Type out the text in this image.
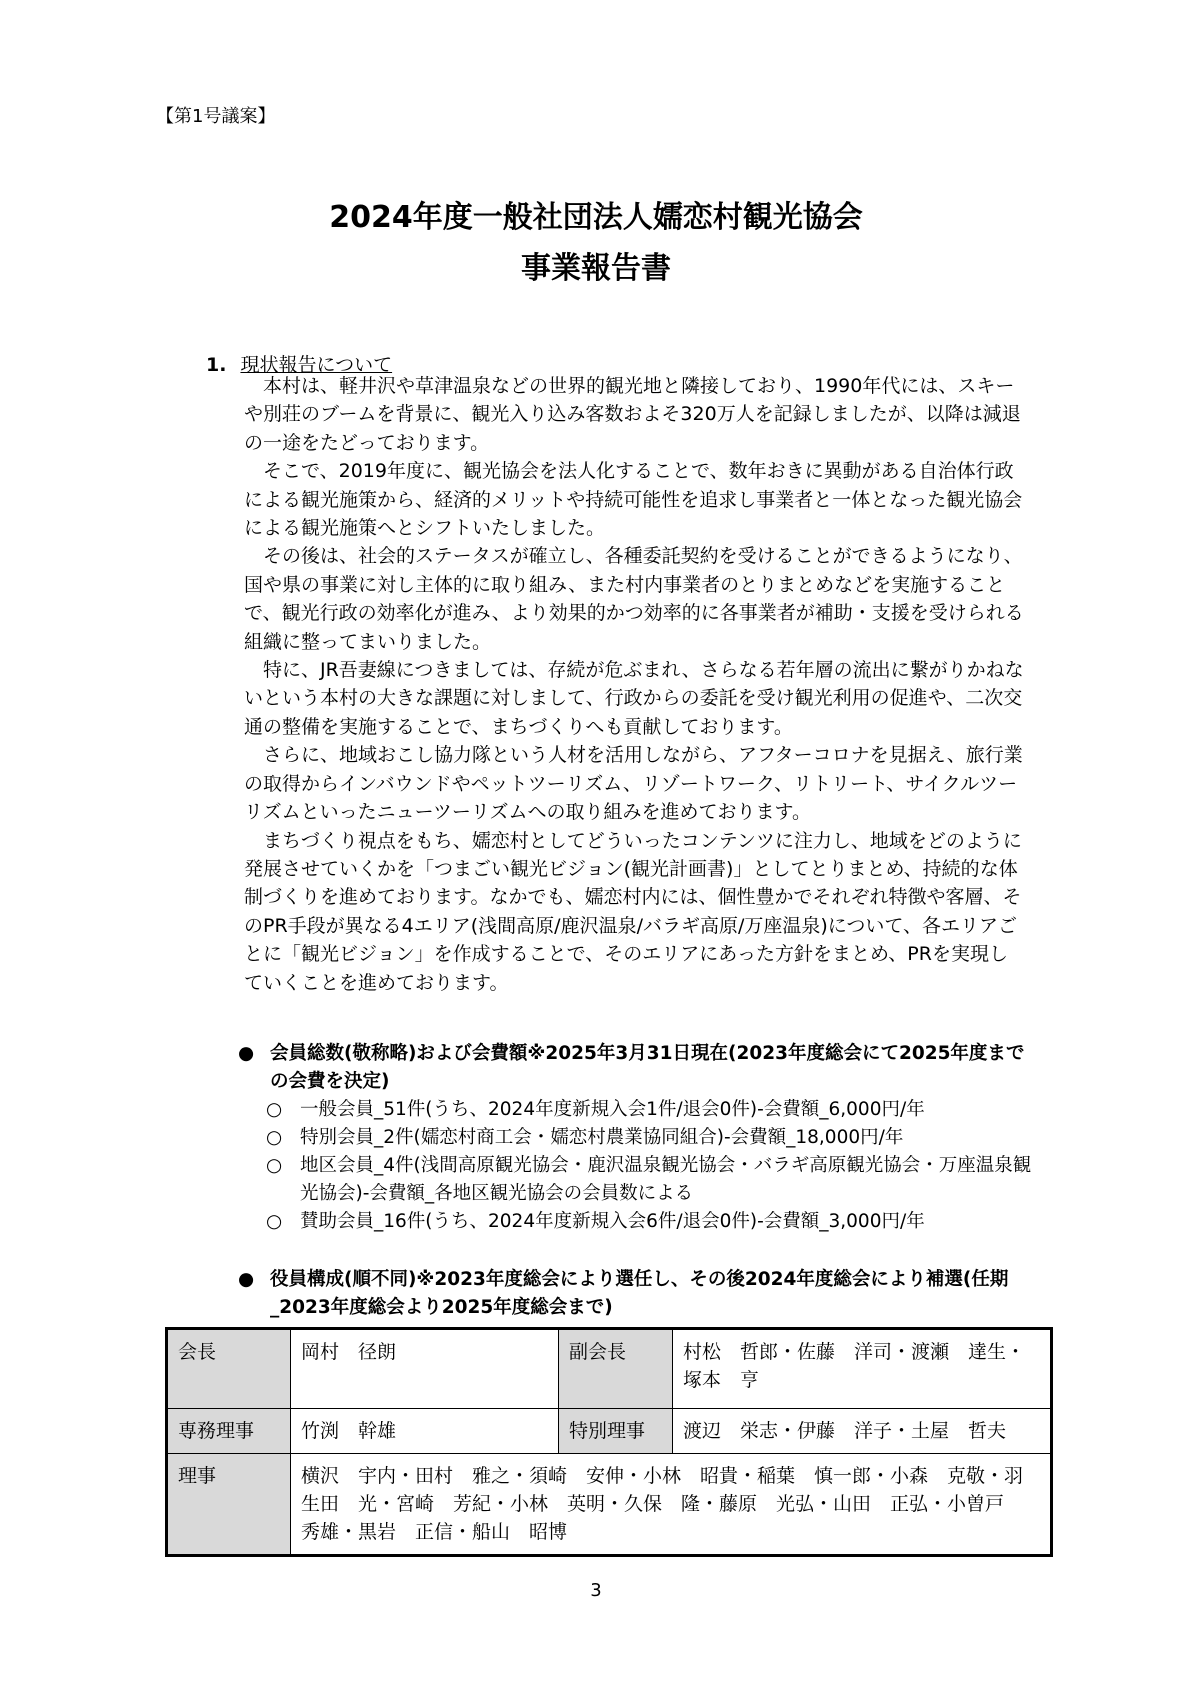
【第1号議案】
2024年度一般社団法人嬬恋村観光協会
事業報告書
1. 現状報告について

本村は、軽井沢や草津温泉などの世界的観光地と隣接しており、1990年代には、スキーや別荘のブームを背景に、観光入り込み客数およそ320万人を記録しましたが、以降は減退の一途をたどっております。

そこで、2019年度に、観光協会を法人化することで、数年おきに異動がある自治体行政による観光施策から、経済的メリットや持続可能性を追求し事業者と一体となった観光協会による観光施策へとシフトいたしました。

その後は、社会的ステータスが確立し、各種委託契約を受けることができるようになり、国や県の事業に対し主体的に取り組み、また村内事業者のとりまとめなどを実施することで、観光行政の効率化が進み、より効果的かつ効率的に各事業者が補助・支援を受けられる組織に整ってまいりました。

特に、JR吾妻線につきましては、存続が危ぶまれ、さらなる若年層の流出に繋がりかねないという本村の大きな課題に対しまして、行政からの委託を受け観光利用の促進や、二次交通の整備を実施することで、まちづくりへも貢献しております。

さらに、地域おこし協力隊という人材を活用しながら、アフターコロナを見据え、旅行業の取得からインバウンドやペットツーリズム、リゾートワーク、リトリート、サイクルツーリズムといったニューツーリズムへの取り組みを進めております。

まちづくり視点をもち、嬬恋村としてどういったコンテンツに注力し、地域をどのように発展させていくかを「つまごい観光ビジョン(観光計画書)」としてとりまとめ、持続的な体制づくりを進めております。なかでも、嬬恋村内には、個性豊かでそれぞれ特徴や客層、そのPR手段が異なる4エリア(浅間高原/鹿沢温泉/バラギ高原/万座温泉)について、各エリアごとに「観光ビジョン」を作成することで、そのエリアにあった方針をまとめ、PRを実現していくことを進めております。

● 会員総数(敬称略)および会費額※2025年3月31日現在(2023年度総会にて2025年度までの会費を決定)
○ 一般会員_51件(うち、2024年度新規入会1件/退会0件)-会費額_6,000円/年
○ 特別会員_2件(嬬恋村商工会・嬬恋村農業協同組合)-会費額_18,000円/年
○ 地区会員_4件(浅間高原観光協会・鹿沢温泉観光協会・バラギ高原観光協会・万座温泉観光協会)-会費額_各地区観光協会の会員数による
○ 賛助会員_16件(うち、2024年度新規入会6件/退会0件)-会費額_3,000円/年
● 役員構成(順不同)※2023年度総会により選任し、その後2024年度総会により補選(任期_2023年度総会より2025年度総会まで)
会長	岡村　径朗	副会長	村松　哲郎・佐藤　洋司・渡瀬　達生・塚本　亨
専務理事	竹渕　幹雄	特別理事	渡辺　栄志・伊藤　洋子・土屋　哲夫
理事	横沢　宇内・田村　雅之・須崎　安伸・小林　昭貴・稲葉　慎一郎・小森　克敬・羽生田　光・宮崎　芳紀・小林　英明・久保　隆・藤原　光弘・山田　正弘・小曽戸　秀雄・黒岩　正信・船山　昭博		
3
